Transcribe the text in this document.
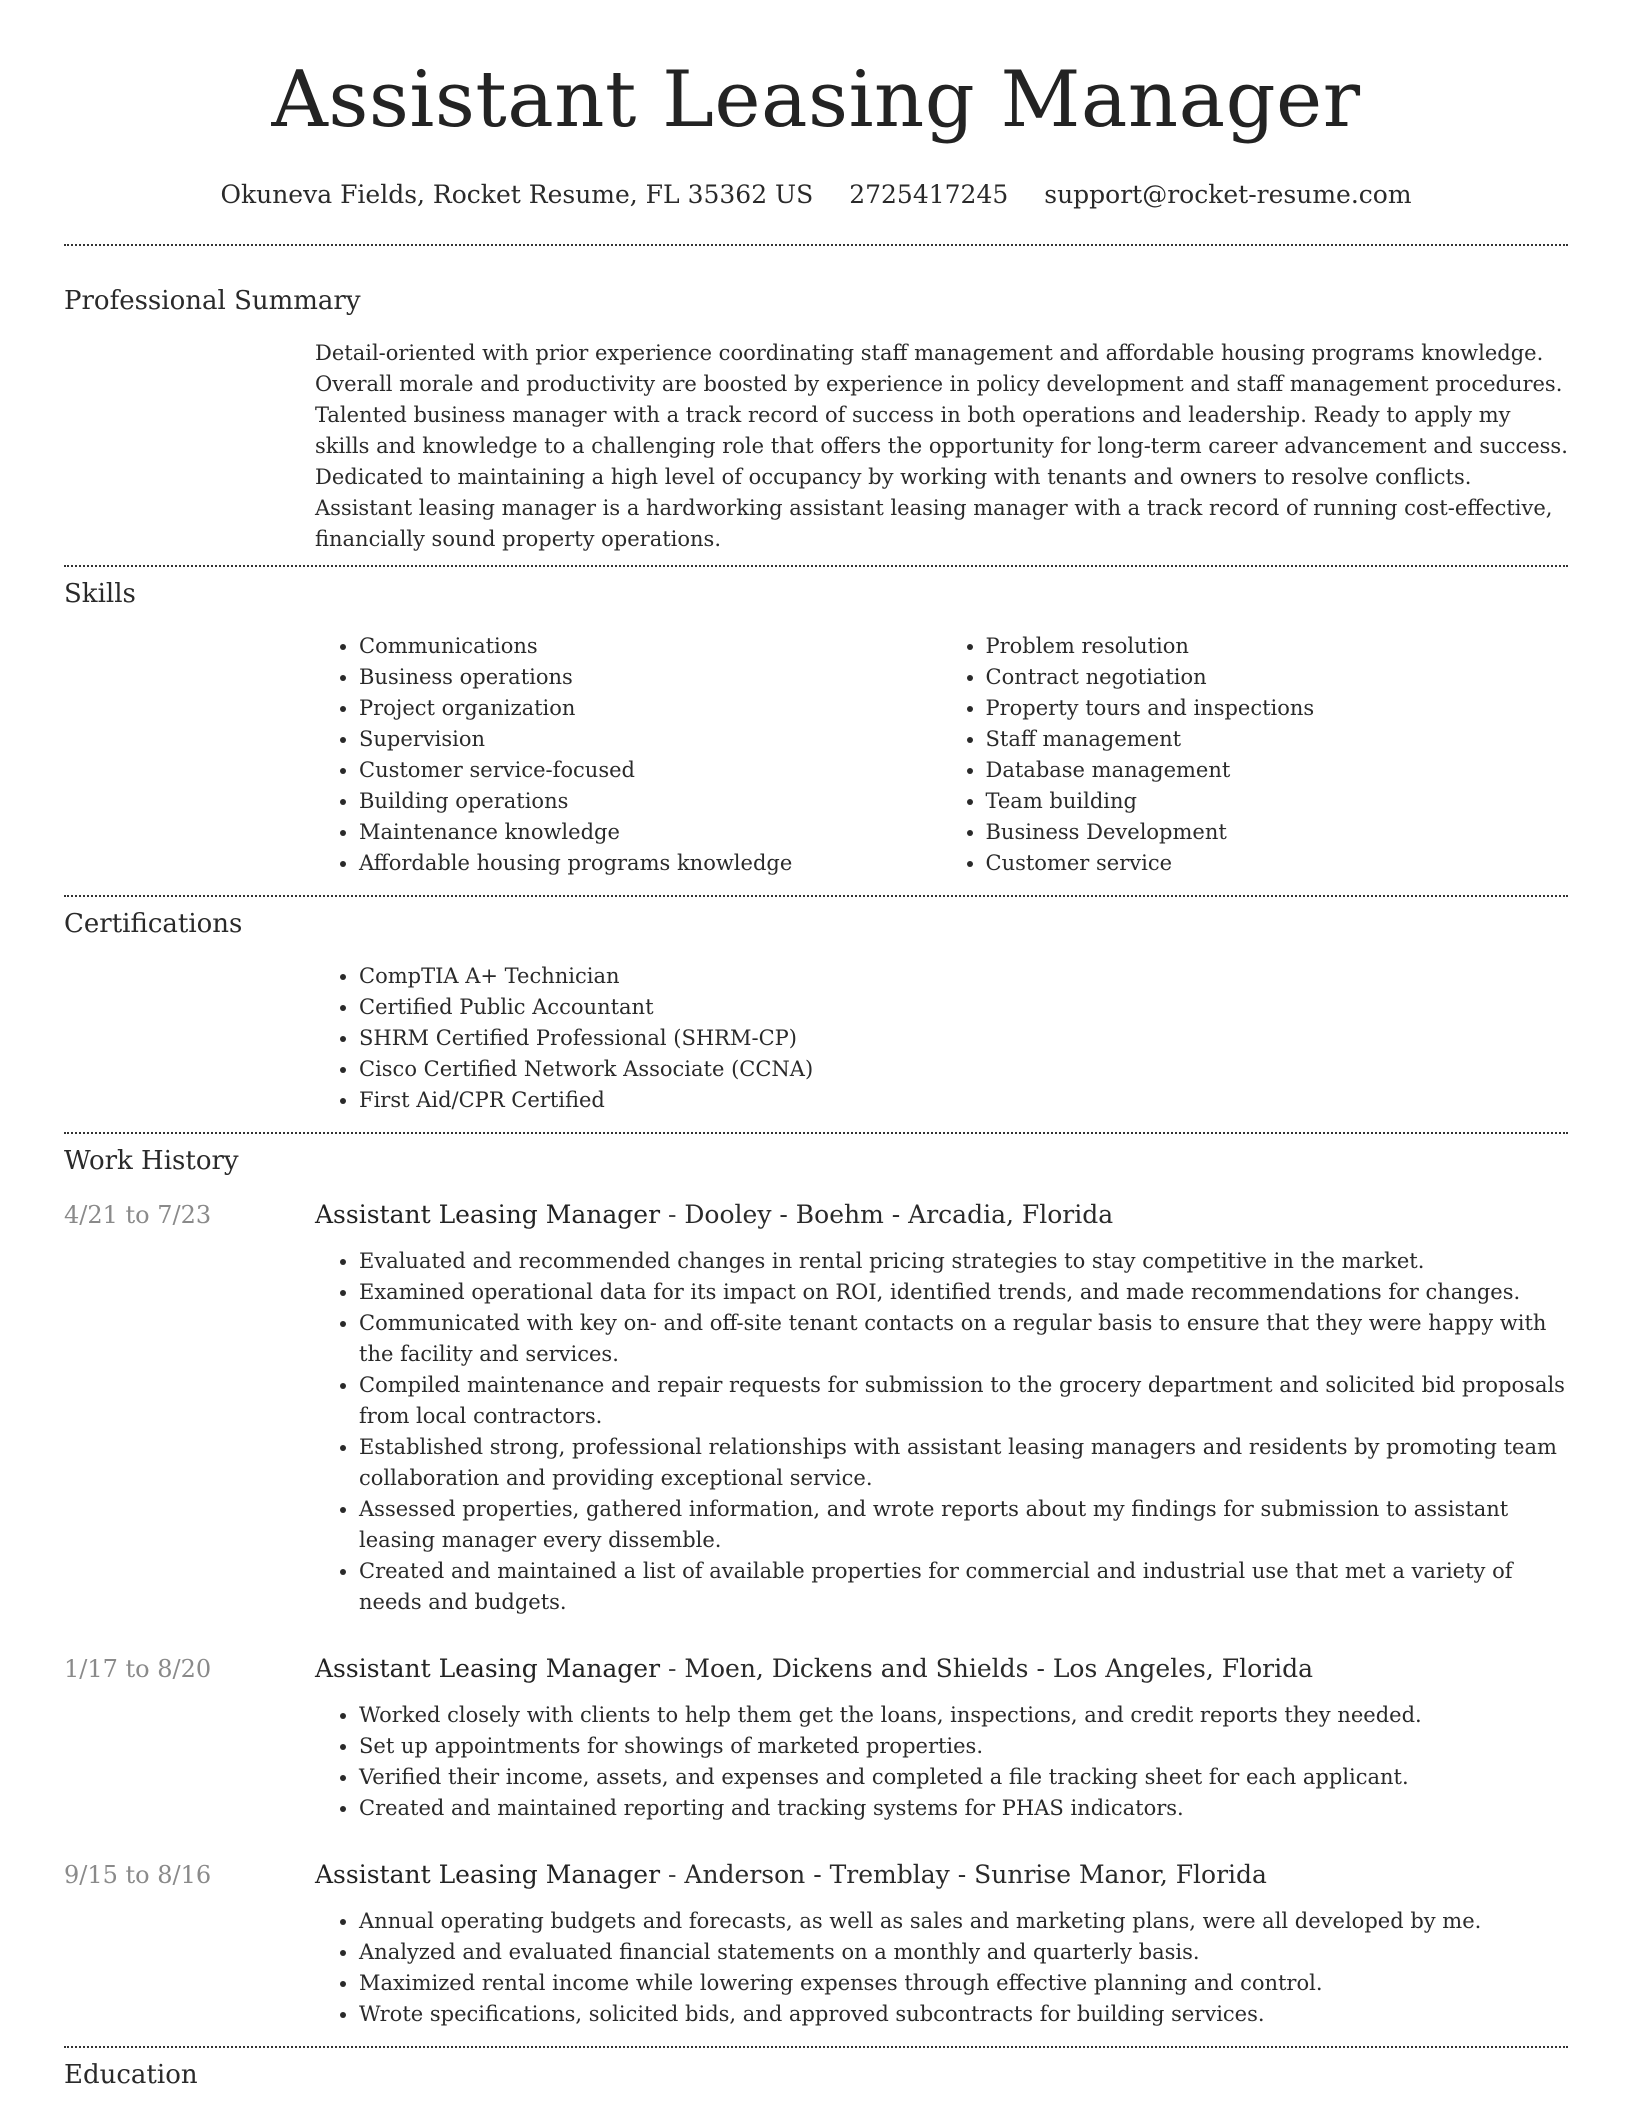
Assistant Leasing Manager
Okuneva Fields, Rocket Resume, FL 35362 US 2725417245 support@rocket-resume.com
Professional Summary

Detail-oriented with prior experience coordinating staff management and affordable housing programs knowledge. Overall morale and productivity are boosted by experience in policy development and staff management procedures. Talented business manager with a track record of success in both operations and leadership. Ready to apply my skills and knowledge to a challenging role that offers the opportunity for long-term career advancement and success. Dedicated to maintaining a high level of occupancy by working with tenants and owners to resolve conflicts. Assistant leasing manager is a hardworking assistant leasing manager with a track record of running cost-effective, financially sound property operations.

Skills
• Communications
• Business operations
• Project organization
• Supervision
• Customer service-focused
• Building operations
• Maintenance knowledge
• Affordable housing programs knowledge
• Problem resolution
• Contract negotiation
• Property tours and inspections
• Staff management
• Database management
• Team building
• Business Development
• Customer service
Certifications
• CompTIA A+ Technician
• Certified Public Accountant
• SHRM Certified Professional (SHRM-CP)
• Cisco Certified Network Associate (CCNA)
• First Aid/CPR Certified
Work History
4/21 to 7/23	Assistant Leasing Manager - Dooley - Boehm - Arcadia, Florida
• Evaluated and recommended changes in rental pricing strategies to stay competitive in the market.
• Examined operational data for its impact on ROI, identified trends, and made recommendations for changes.
• Communicated with key on- and off-site tenant contacts on a regular basis to ensure that they were happy with the facility and services.
• Compiled maintenance and repair requests for submission to the grocery department and solicited bid proposals from local contractors.
• Established strong, professional relationships with assistant leasing managers and residents by promoting team collaboration and providing exceptional service.
• Assessed properties, gathered information, and wrote reports about my findings for submission to assistant leasing manager every dissemble.
• Created and maintained a list of available properties for commercial and industrial use that met a variety of needs and budgets.
1/17 to 8/20	Assistant Leasing Manager - Moen, Dickens and Shields - Los Angeles, Florida
• Worked closely with clients to help them get the loans, inspections, and credit reports they needed.
• Set up appointments for showings of marketed properties.
• Verified their income, assets, and expenses and completed a file tracking sheet for each applicant.
• Created and maintained reporting and tracking systems for PHAS indicators.
9/15 to 8/16	Assistant Leasing Manager - Anderson - Tremblay - Sunrise Manor, Florida
• Annual operating budgets and forecasts, as well as sales and marketing plans, were all developed by me.
• Analyzed and evaluated financial statements on a monthly and quarterly basis.
• Maximized rental income while lowering expenses through effective planning and control.
• Wrote specifications, solicited bids, and approved subcontracts for building services.
Education
